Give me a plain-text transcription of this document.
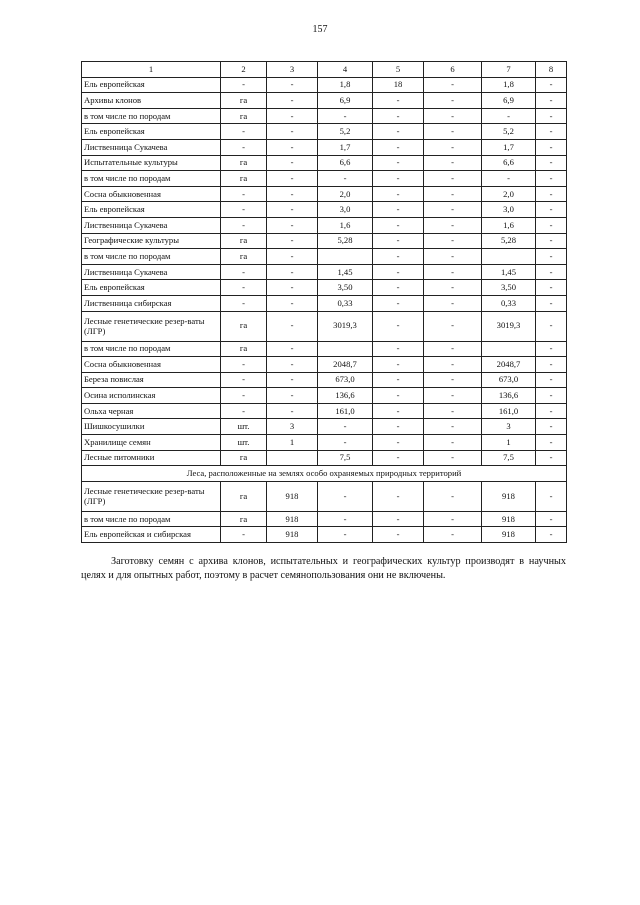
157
1	2	3	4	5	6	7	8
Ель европейская	-	-	1,8	18	-	1,8	-
Архивы клонов	га	-	6,9	-	-	6,9	-
в том числе по породам	га	-	-	-	-	-	-
Ель европейская	-	-	5,2	-	-	5,2	-
Лиственница Сукачева	-	-	1,7	-	-	1,7	-
Испытательные культуры	га	-	6,6	-	-	6,6	-
в том числе по породам	га	-	-	-	-	-	-
Сосна обыкновенная	-	-	2,0	-	-	2,0	-
Ель европейская	-	-	3,0	-	-	3,0	-
Лиственница Сукачева	-	-	1,6	-	-	1,6	-
Географические культуры	га	-	5,28	-	-	5,28	-
в том числе по породам	га	-		-	-		-
Лиственница Сукачева	-	-	1,45	-	-	1,45	-
Ель европейская	-	-	3,50	-	-	3,50	-
Лиственница сибирская	-	-	0,33	-	-	0,33	-
Лесные генетические резер-ваты (ЛГР)	га	-	3019,3	-	-	3019,3	-
в том числе по породам	га	-		-	-		-
Сосна обыкновенная	-	-	2048,7	-	-	2048,7	-
Береза повислая	-	-	673,0	-	-	673,0	-
Осина исполинская	-	-	136,6	-	-	136,6	-
Ольха черная	-	-	161,0	-	-	161,0	-
Шишкосушилки	шт.	3	-	-	-	3	-
Хранилище семян	шт.	1	-	-	-	1	-
Лесные питомники	га		7,5	-	-	7,5	-
Леса, расположенные на землях особо охраняемых природных территорий							
Лесные генетические резер-ваты (ЛГР)	га	918	-	-	-	918	-
в том числе по породам	га	918	-	-	-	918	-
Ель европейская и сибирская	-	918	-	-	-	918	-

Заготовку семян с архива клонов, испытательных и географических культур производят в научных целях и для опытных работ, поэтому в расчет семянопользования они не включены.
